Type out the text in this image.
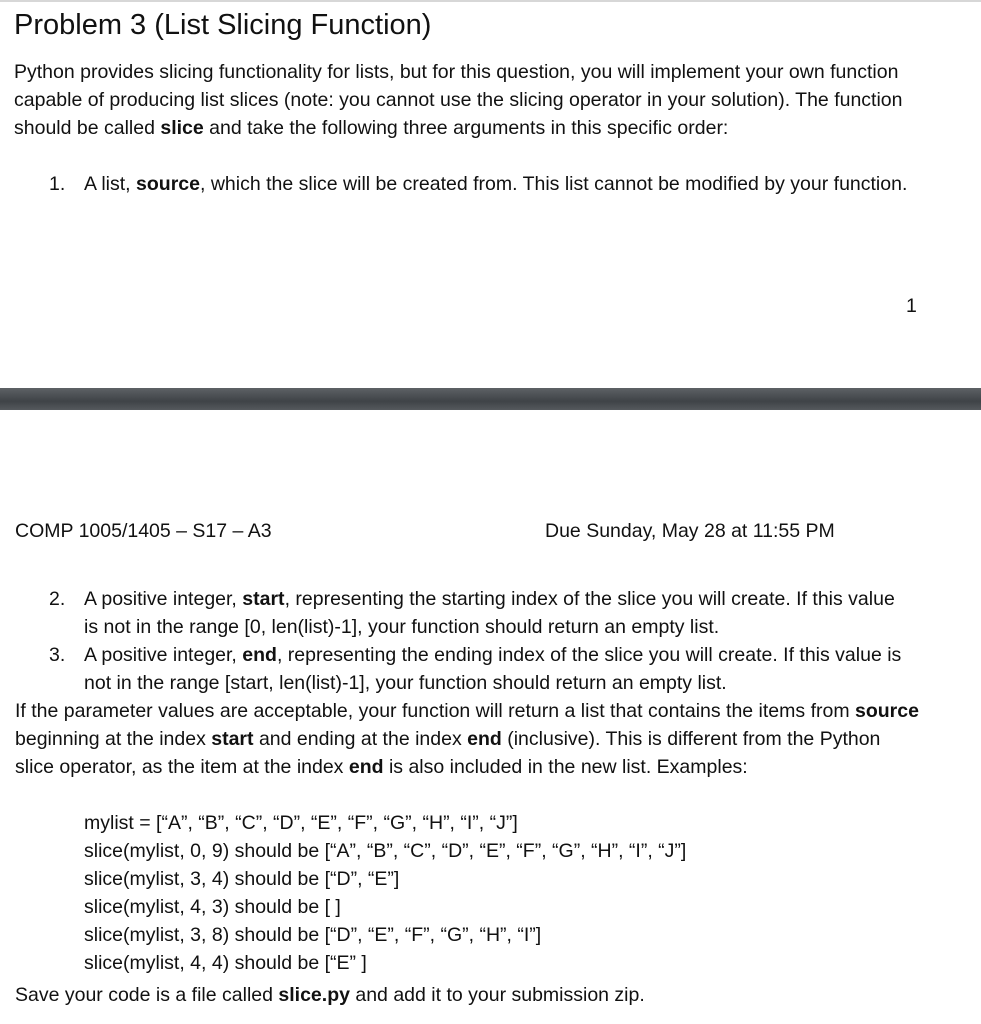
Problem 3 (List Slicing Function)
Python provides slicing functionality for lists, but for this question, you will implement your own function capable of producing list slices (note: you cannot use the slicing operator in your solution). The function should be called slice and take the following three arguments in this specific order:
1. A list, source, which the slice will be created from. This list cannot be modified by your function.
1
COMP 1005/1405 – S17 – A3	Due Sunday, May 28 at 11:55 PM
2. A positive integer, start, representing the starting index of the slice you will create. If this value is not in the range [0, len(list)-1], your function should return an empty list.
3. A positive integer, end, representing the ending index of the slice you will create. If this value is not in the range [start, len(list)-1], your function should return an empty list.
If the parameter values are acceptable, your function will return a list that contains the items from source beginning at the index start and ending at the index end (inclusive). This is different from the Python slice operator, as the item at the index end is also included in the new list. Examples:
mylist = [“A”, “B”, “C”, “D”, “E”, “F”, “G”, “H”, “I”, “J”]
slice(mylist, 0, 9) should be [“A”, “B”, “C”, “D”, “E”, “F”, “G”, “H”, “I”, “J”]
slice(mylist, 3, 4) should be [“D”, “E”]
slice(mylist, 4, 3) should be [ ]
slice(mylist, 3, 8) should be [“D”, “E”, “F”, “G”, “H”, “I”]
slice(mylist, 4, 4) should be [“E” ]
Save your code is a file called slice.py and add it to your submission zip.
